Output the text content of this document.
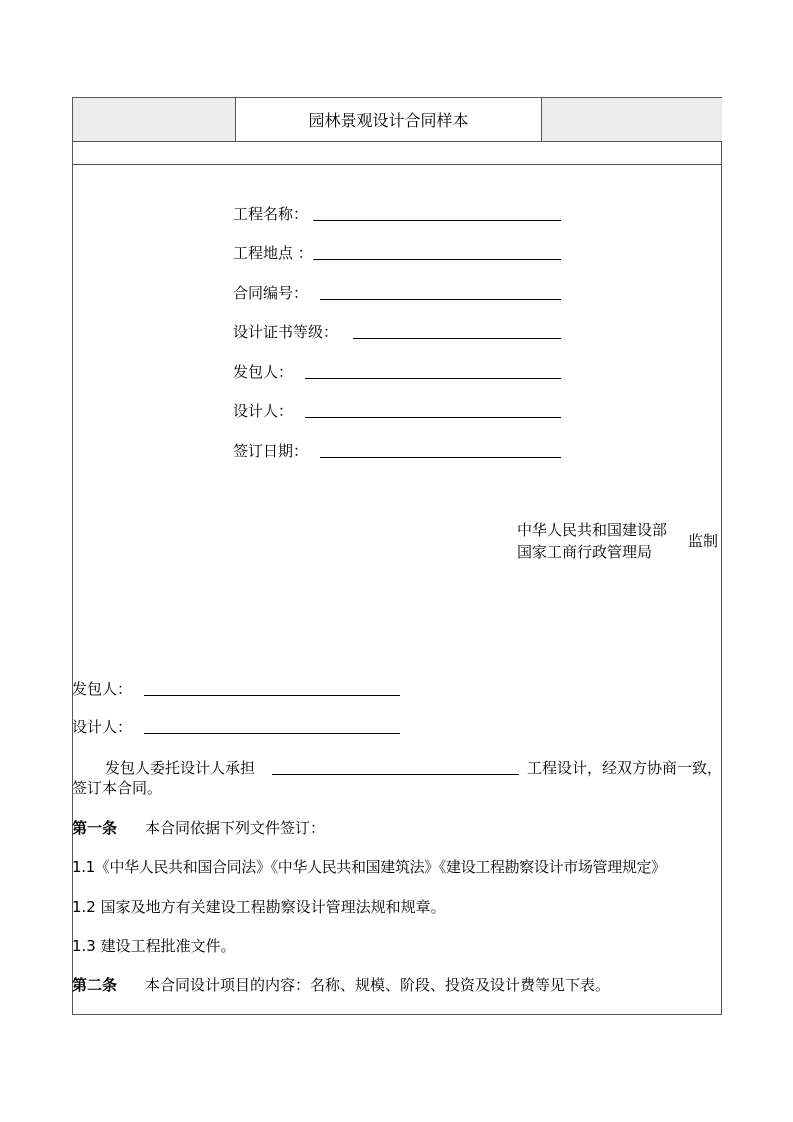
园林景观设计合同样本
工程名称：
工程地点 ：
合同编号：
设计证书等级：
发包人：
设计人：
签订日期：
中华人民共和国建设部
国家工商行政管理局
监制
发包人：
设计人：
发包人委托设计人承担	工程设计，经双方协商一致，
签订本合同。
第一条 本合同依据下列文件签订：
1.1《中华人民共和国合同法》《中华人民共和国建筑法》《建设工程勘察设计市场管理规定》
1.2 国家及地方有关建设工程勘察设计管理法规和规章。
1.3 建设工程批准文件。
第二条 本合同设计项目的内容：名称、规模、阶段、投资及设计费等见下表。
